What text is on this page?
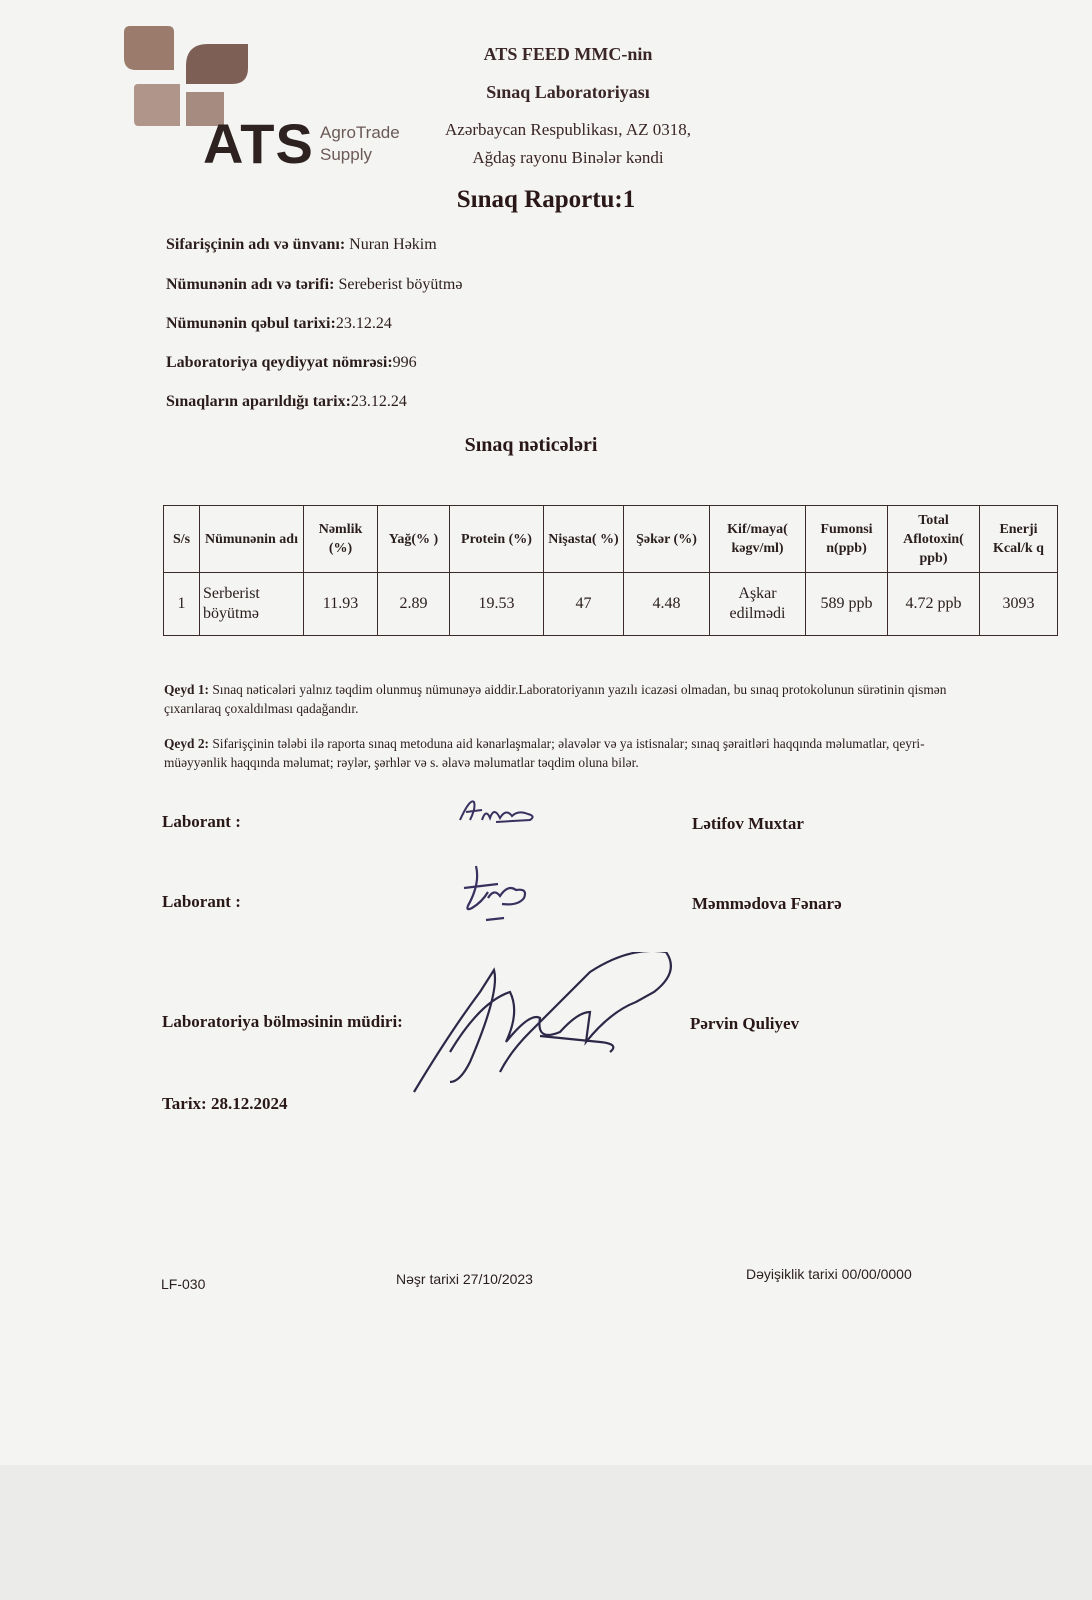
ATS AgroTrade
Supply
ATS FEED MMC-nin
Sınaq Laboratoriyası
Azərbaycan Respublikası, AZ 0318,
Ağdaş rayonu Binələr kəndi
Sınaq Raportu:1
Sifarişçinin adı və ünvanı: Nuran Həkim
Nümunənin adı və tərifi: Sereberist böyütmə
Nümunənin qəbul tarixi:23.12.24
Laboratoriya qeydiyyat nömrəsi:996
Sınaqların aparıldığı tarix:23.12.24
Sınaq nəticələri
S/s	Nümunənin adı	Nəmlik (%)	Yağ(% )	Protein (%)	Nişasta( %)	Şəkər (%)	Kif/maya( kəgv/ml)	Fumonsi n(ppb)	Total Aflotoxin( ppb)	Enerji Kcal/k q
1	Serberist böyütmə	11.93	2.89	19.53	47	4.48	Aşkar edilmədi	589 ppb	4.72 ppb	3093
Qeyd 1: Sınaq nəticələri yalnız təqdim olunmuş nümunəyə aiddir.Laboratoriyanın yazılı icazəsi olmadan, bu sınaq protokolunun sürətinin qismən çıxarılaraq çoxaldılması qadağandır.
Qeyd 2: Sifarişçinin tələbi ilə raporta sınaq metoduna aid kənarlaşmalar; əlavələr və ya istisnalar; sınaq şəraitləri haqqında məlumatlar, qeyri-müəyyənlik haqqında məlumat; rəylər, şərhlər və s. əlavə məlumatlar təqdim oluna bilər.
Laborant :	Lətifov Muxtar
Laborant :	Məmmədova Fənarə
Laboratoriya bölməsinin müdiri:	Pərvin Quliyev
Tarix: 28.12.2024
LF-030	Nəşr tarixi 27/10/2023	Dəyişiklik tarixi 00/00/0000
